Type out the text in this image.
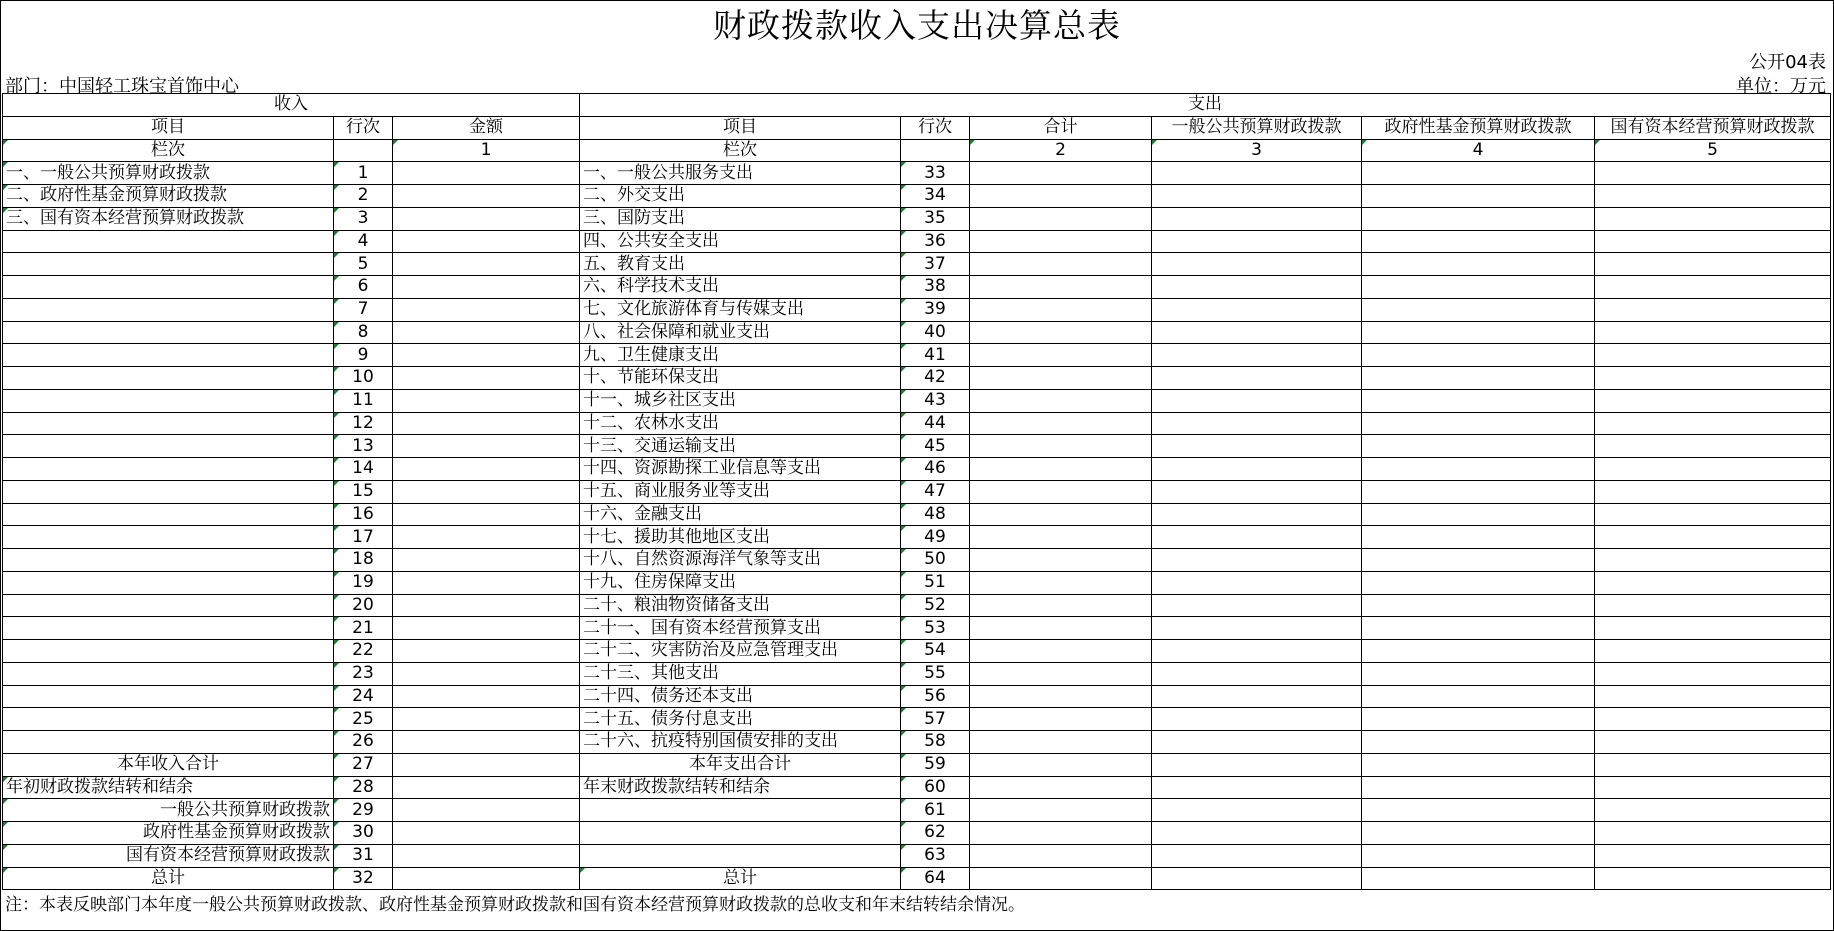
财政拨款收入支出决算总表
公开04表
部门：中国轻工珠宝首饰中心	单位：万元
收入			支出					
项目	行次	金额	项目	行次	合计	一般公共预算财政拨款	政府性基金预算财政拨款	国有资本经营预算财政拨款
栏次		1	栏次		2	3	4	5
一、一般公共预算财政拨款	1		一、一般公共服务支出	33				
二、政府性基金预算财政拨款	2		二、外交支出	34				
三、国有资本经营预算财政拨款	3		三、国防支出	35				
	4		四、公共安全支出	36				
	5		五、教育支出	37				
	6		六、科学技术支出	38				
	7		七、文化旅游体育与传媒支出	39				
	8		八、社会保障和就业支出	40				
	9		九、卫生健康支出	41				
	10		十、节能环保支出	42				
	11		十一、城乡社区支出	43				
	12		十二、农林水支出	44				
	13		十三、交通运输支出	45				
	14		十四、资源勘探工业信息等支出	46				
	15		十五、商业服务业等支出	47				
	16		十六、金融支出	48				
	17		十七、援助其他地区支出	49				
	18		十八、自然资源海洋气象等支出	50				
	19		十九、住房保障支出	51				
	20		二十、粮油物资储备支出	52				
	21		二十一、国有资本经营预算支出	53				
	22		二十二、灾害防治及应急管理支出	54				
	23		二十三、其他支出	55				
	24		二十四、债务还本支出	56				
	25		二十五、债务付息支出	57				
	26		二十六、抗疫特别国债安排的支出	58				
本年收入合计	27		本年支出合计	59				
年初财政拨款结转和结余	28		年末财政拨款结转和结余	60				
一般公共预算财政拨款	29			61				
政府性基金预算财政拨款	30			62				
国有资本经营预算财政拨款	31			63				
总计	32		总计	64				
注：本表反映部门本年度一般公共预算财政拨款、政府性基金预算财政拨款和国有资本经营预算财政拨款的总收支和年末结转结余情况。
